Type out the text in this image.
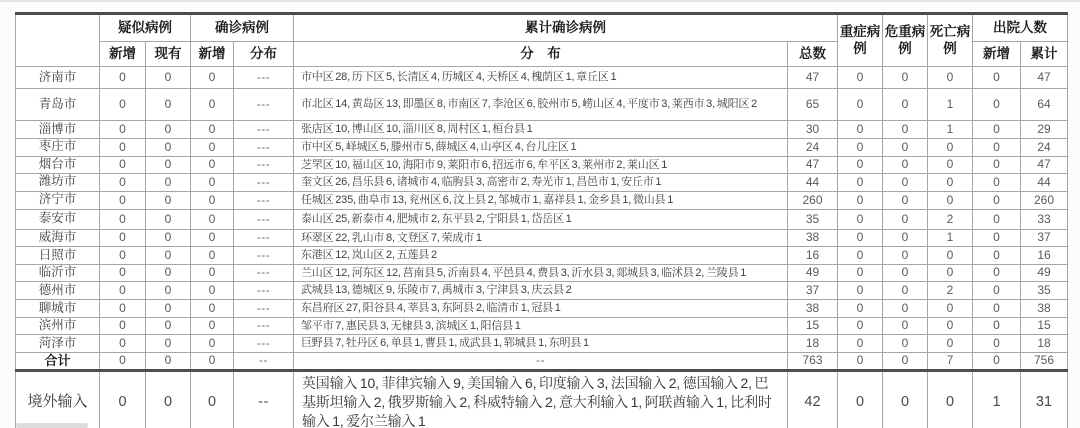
	疑似病例		确诊病例		累计确诊病例		重症病例	危重病例	死亡病例	出院人数	
	新增	现有	新增	分布	分　布	总数				新增	累计
济南市	0	0	0	---	市中区 28, 历下区 5, 长清区 4, 历城区 4, 天桥区 4, 槐荫区 1, 章丘区 1	47	0	0	0	0	47
青岛市	0	0	0	---	市北区 14, 黄岛区 13, 即墨区 8, 市南区 7, 李沧区 6, 胶州市 5, 崂山区 4, 平度市 3, 莱西市 3, 城阳区 2	65	0	0	1	0	64
淄博市	0	0	0	---	张店区 10, 博山区 10, 淄川区 8, 周村区 1, 桓台县 1	30	0	0	1	0	29
枣庄市	0	0	0	---	市中区 5, 峄城区 5, 滕州市 5, 薛城区 4, 山亭区 4, 台儿庄区 1	24	0	0	0	0	24
烟台市	0	0	0	---	芝罘区 10, 福山区 10, 海阳市 9, 莱阳市 6, 招远市 6, 牟平区 3, 莱州市 2, 莱山区 1	47	0	0	0	0	47
潍坊市	0	0	0	---	奎文区 26, 昌乐县 6, 诸城市 4, 临朐县 3, 高密市 2, 寿光市 1, 昌邑市 1, 安丘市 1	44	0	0	0	0	44
济宁市	0	0	0	---	任城区 235, 曲阜市 13, 兖州区 6, 汶上县 2, 邹城市 1, 嘉祥县 1, 金乡县 1, 微山县 1	260	0	0	0	0	260
泰安市	0	0	0	---	泰山区 25, 新泰市 4, 肥城市 2, 东平县 2, 宁阳县 1, 岱岳区 1	35	0	0	2	0	33
威海市	0	0	0	---	环翠区 22, 乳山市 8, 文登区 7, 荣成市 1	38	0	0	1	0	37
日照市	0	0	0	---	东港区 12, 岚山区 2, 五莲县 2	16	0	0	0	0	16
临沂市	0	0	0	---	兰山区 12, 河东区 12, 莒南县 5, 沂南县 4, 平邑县 4, 费县 3, 沂水县 3, 郯城县 3, 临沭县 2, 兰陵县 1	49	0	0	0	0	49
德州市	0	0	0	---	武城县 13, 德城区 9, 乐陵市 7, 禹城市 3, 宁津县 3, 庆云县 2	37	0	0	2	0	35
聊城市	0	0	0	---	东昌府区 27, 阳谷县 4, 莘县 3, 东阿县 2, 临清市 1, 冠县 1	38	0	0	0	0	38
滨州市	0	0	0	---	邹平市 7, 惠民县 3, 无棣县 3, 滨城区 1, 阳信县 1	15	0	0	0	0	15
菏泽市	0	0	0	---	巨野县 7, 牡丹区 6, 单县 1, 曹县 1, 成武县 1, 郓城县 1, 东明县 1	18	0	0	0	0	18
合计	0	0	0	--	--	763	0	0	7	0	756
境外输入	0	0	0	--	英国输入 10, 菲律宾输入 9, 美国输入 6, 印度输入 3, 法国输入 2, 德国输入 2, 巴基斯坦输入 2, 俄罗斯输入 2, 科威特输入 2, 意大利输入 1, 阿联酋输入 1, 比利时输入 1, 爱尔兰输入 1	42	0	0	0	1	31
